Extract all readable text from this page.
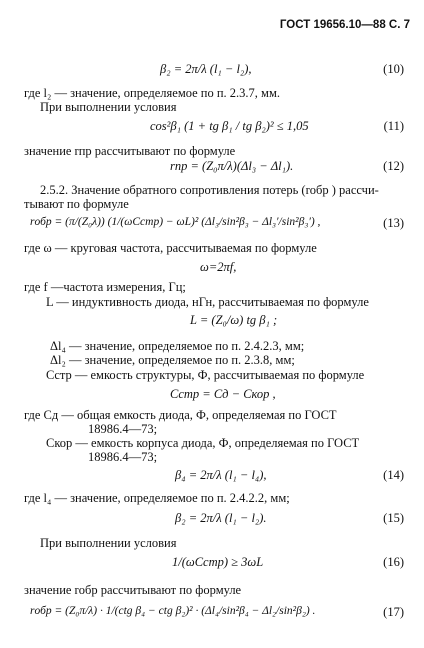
ГОСТ 19656.10—88 С. 7
β₂ = 2π/λ (l₁ − l₂),	(10)
где l₂ — значение, определяемое по п. 2.3.7, мм.
При выполнении условия
cos²β₁ (1 + tg β₁ / tg β₂)² ≤ 1,05	(11)
значение rпр рассчитывают по формуле
rпр = (Z₀π/λ)(Δl₃ − Δl₁).	(12)
2.5.2. Значение обратного сопротивления потерь (rобр ) рассчи-
тывают по формуле
rобр = (π/(Z₀λ)) (1/(ωCстр) − ωL)² (Δl₃/sin²β₃ − Δl₃′/sin²β₃′) ,	(13)
где ω — круговая частота, рассчитываемая по формуле
ω=2πf,
где f —частота измерения, Гц;
L — индуктивность диода, нГн, рассчитываемая по формуле
L = (Z₀/ω) tg β₁ ;
Δl₄ — значение, определяемое по п. 2.4.2.3, мм;
Δl₂ — значение, определяемое по п. 2.3.8, мм;
Cстр — емкость структуры, Ф, рассчитываемая по формуле
Cстр = Cд − Cкор ,
где Cд — общая емкость диода, Ф, определяемая по ГОСТ
18986.4—73;
Cкор — емкость корпуса диода, Ф, определяемая по ГОСТ
18986.4—73;
β₄ = 2π/λ (l₁ − l₄),	(14)
где l₄ — значение, определяемое по п. 2.4.2.2, мм;
β₂ = 2π/λ (l₁ − l₂).	(15)
При выполнении условия
1/(ωCстр) ≥ 3ωL	(16)
значение rобр рассчитывают по формуле
rобр = (Z₀π/λ) · 1/(ctg β₄ − ctg β₂)² · (Δl₄/sin²β₄ − Δl₂/sin²β₂) .	(17)
